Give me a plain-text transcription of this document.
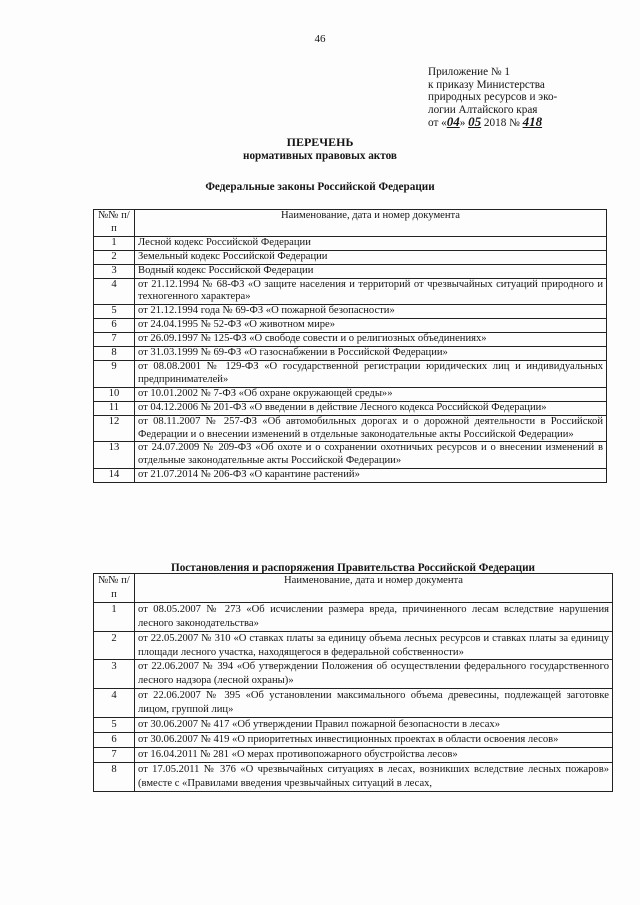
46
Приложение № 1
к приказу Министерства
природных ресурсов и эко-
логии Алтайского края
от «04» 05 2018 № 418
ПЕРЕЧЕНЬ
нормативных правовых актов
Федеральные законы Российской Федерации
№№ п/п	Наименование, дата и номер документа
1	Лесной кодекс Российской Федерации
2	Земельный кодекс Российской Федерации
3	Водный кодекс Российской Федерации
4	от 21.12.1994 № 68-ФЗ «О защите населения и территорий от чрезвычайных ситуаций природного и техногенного характера»
5	от 21.12.1994 года № 69-ФЗ «О пожарной безопасности»
6	от 24.04.1995 № 52-ФЗ «О животном мире»
7	от 26.09.1997 № 125-ФЗ «О свободе совести и о религиозных объединениях»
8	от 31.03.1999 № 69-ФЗ «О газоснабжении в Российской Федерации»
9	от 08.08.2001 № 129-ФЗ «О государственной регистрации юридических лиц и индивидуальных предпринимателей»
10	от 10.01.2002 № 7-ФЗ «Об охране окружающей среды»»
11	от 04.12.2006 № 201-ФЗ «О введении в действие Лесного кодекса Российской Федерации»
12	от 08.11.2007 № 257-ФЗ «Об автомобильных дорогах и о дорожной деятельности в Российской Федерации и о внесении изменений в отдельные законодательные акты Российской Федерации»
13	от 24.07.2009 № 209-ФЗ «Об охоте и о сохранении охотничьих ресурсов и о внесении изменений в отдельные законодательные акты Российской Федерации»
14	от 21.07.2014 № 206-ФЗ «О карантине растений»
Постановления и распоряжения Правительства Российской Федерации
№№ п/п	Наименование, дата и номер документа
1	от 08.05.2007 № 273 «Об исчислении размера вреда, причиненного лесам вследствие нарушения лесного законодательства»
2	от 22.05.2007 № 310 «О ставках платы за единицу объема лесных ресурсов и ставках платы за единицу площади лесного участка, находящегося в федеральной собственности»
3	от 22.06.2007 № 394 «Об утверждении Положения об осуществлении федерального государственного лесного надзора (лесной охраны)»
4	от 22.06.2007 № 395 «Об установлении максимального объема древесины, подлежащей заготовке лицом, группой лиц»
5	от 30.06.2007 № 417 «Об утверждении Правил пожарной безопасности в лесах»
6	от 30.06.2007 № 419 «О приоритетных инвестиционных проектах в области освоения лесов»
7	от 16.04.2011 № 281 «О мерах противопожарного обустройства лесов»
8	от 17.05.2011 № 376 «О чрезвычайных ситуациях в лесах, возникших вследствие лесных пожаров» (вместе с «Правилами введения чрезвычайных ситуаций в лесах,
